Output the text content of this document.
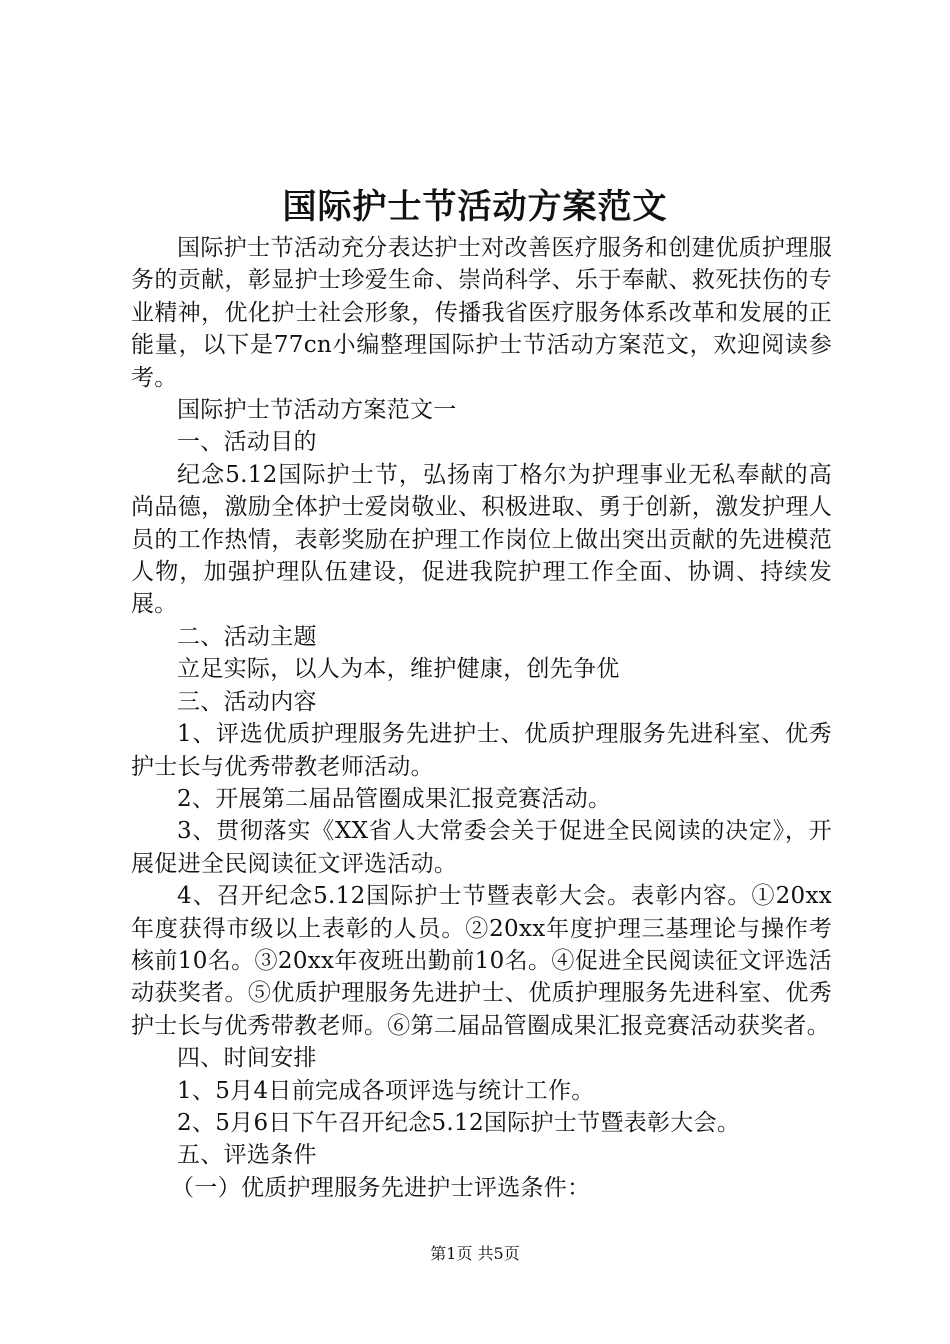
国际护士节活动方案范文

国际护士节活动充分表达护士对改善医疗服务和创建优质护理服务的贡献，彰显护士珍爱生命、崇尚科学、乐于奉献、救死扶伤的专业精神，优化护士社会形象，传播我省医疗服务体系改革和发展的正能量，以下是77cn小编整理国际护士节活动方案范文，欢迎阅读参考。

国际护士节活动方案范文一

一、活动目的

纪念5.12国际护士节，弘扬南丁格尔为护理事业无私奉献的高尚品德，激励全体护士爱岗敬业、积极进取、勇于创新，激发护理人员的工作热情，表彰奖励在护理工作岗位上做出突出贡献的先进模范人物，加强护理队伍建设，促进我院护理工作全面、协调、持续发展。

二、活动主题

立足实际，以人为本，维护健康，创先争优

三、活动内容

1、评选优质护理服务先进护士、优质护理服务先进科室、优秀护士长与优秀带教老师活动。

2、开展第二届品管圈成果汇报竞赛活动。

3、贯彻落实《XX省人大常委会关于促进全民阅读的决定》，开展促进全民阅读征文评选活动。

4、召开纪念5.12国际护士节暨表彰大会。表彰内容。①20xx年度获得市级以上表彰的人员。②20xx年度护理三基理论与操作考核前10名。③20xx年夜班出勤前10名。④促进全民阅读征文评选活动获奖者。⑤优质护理服务先进护士、优质护理服务先进科室、优秀护士长与优秀带教老师。⑥第二届品管圈成果汇报竞赛活动获奖者。

四、时间安排

1、5月4日前完成各项评选与统计工作。

2、5月6日下午召开纪念5.12国际护士节暨表彰大会。

五、评选条件

（一）优质护理服务先进护士评选条件：

第1页 共5页
